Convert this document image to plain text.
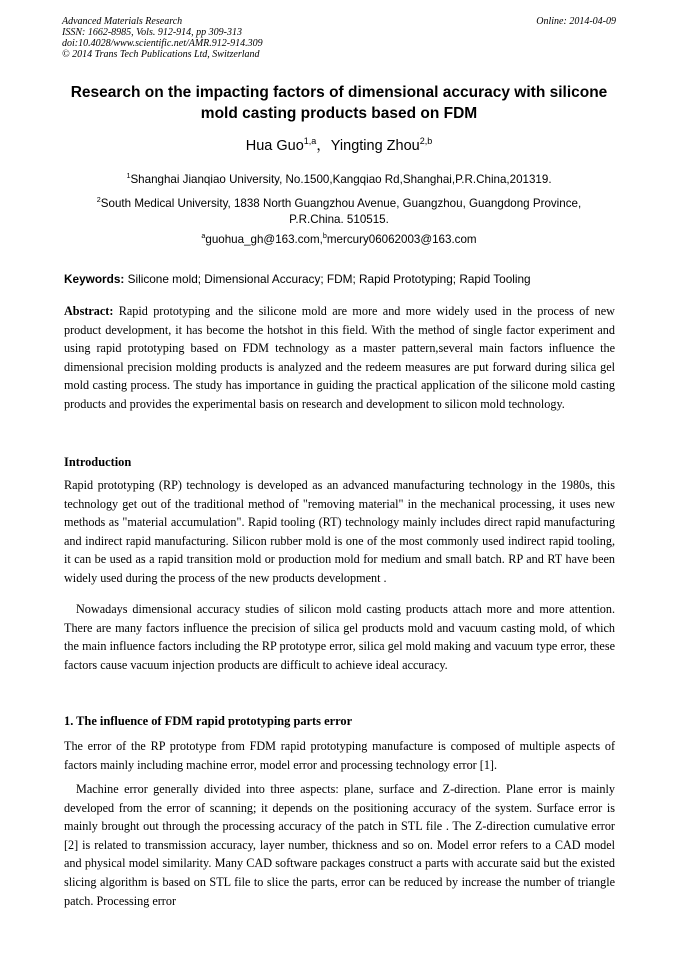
Advanced Materials Research
ISSN: 1662-8985, Vols. 912-914, pp 309-313
doi:10.4028/www.scientific.net/AMR.912-914.309
© 2014 Trans Tech Publications Ltd, Switzerland
Online: 2014-04-09
Research on the impacting factors of dimensional accuracy with silicone mold casting products based on FDM
Hua Guo$^{1,a}$，Yingting Zhou$^{2,b}$
$^1$Shanghai Jianqiao University, No.1500,Kangqiao Rd,Shanghai,P.R.China,201319.
$^2$South Medical University, 1838 North Guangzhou Avenue, Guangzhou, Guangdong Province, P.R.China. 510515.
$^a$guohua_gh@163.com,$^b$mercury06062003@163.com
Keywords: Silicone mold; Dimensional Accuracy; FDM; Rapid Prototyping; Rapid Tooling

Abstract: Rapid prototyping and the silicone mold are more and more widely used in the process of new product development, it has become the hotshot in this field. With the method of single factor experiment and using rapid prototyping based on FDM technology as a master pattern,several main factors influence the dimensional precision molding products is analyzed and the redeem measures are put forward during silica gel mold casting process. The study has importance in guiding the practical application of the silicone mold casting products and provides the experimental basis on research and development to silicon mold technology.

Introduction

Rapid prototyping (RP) technology is developed as an advanced manufacturing technology in the 1980s, this technology get out of the traditional method of "removing material" in the mechanical processing, it uses new methods as "material accumulation". Rapid tooling (RT) technology mainly includes direct rapid manufacturing and indirect rapid manufacturing. Silicon rubber mold is one of the most commonly used indirect rapid tooling, it can be used as a rapid transition mold or production mold for medium and small batch. RP and RT have been widely used during the process of the new products development .

Nowadays dimensional accuracy studies of silicon mold casting products attach more and more attention. There are many factors influence the precision of silica gel products mold and vacuum casting mold, of which the main influence factors including the RP prototype error, silica gel mold making and vacuum type error, these factors cause vacuum injection products are difficult to achieve ideal accuracy.

1. The influence of FDM rapid prototyping parts error

The error of the RP prototype from FDM rapid prototyping manufacture is composed of multiple aspects of factors mainly including machine error, model error and processing technology error [1].

Machine error generally divided into three aspects: plane, surface and Z-direction. Plane error is mainly developed from the error of scanning; it depends on the positioning accuracy of the system. Surface error is mainly brought out through the processing accuracy of the patch in STL file . The Z-direction cumulative error [2] is related to transmission accuracy, layer number, thickness and so on. Model error refers to a CAD model and physical model similarity. Many CAD software packages construct a parts with accurate said but the existed slicing algorithm is based on STL file to slice the parts, error can be reduced by increase the number of triangle patch. Processing error
